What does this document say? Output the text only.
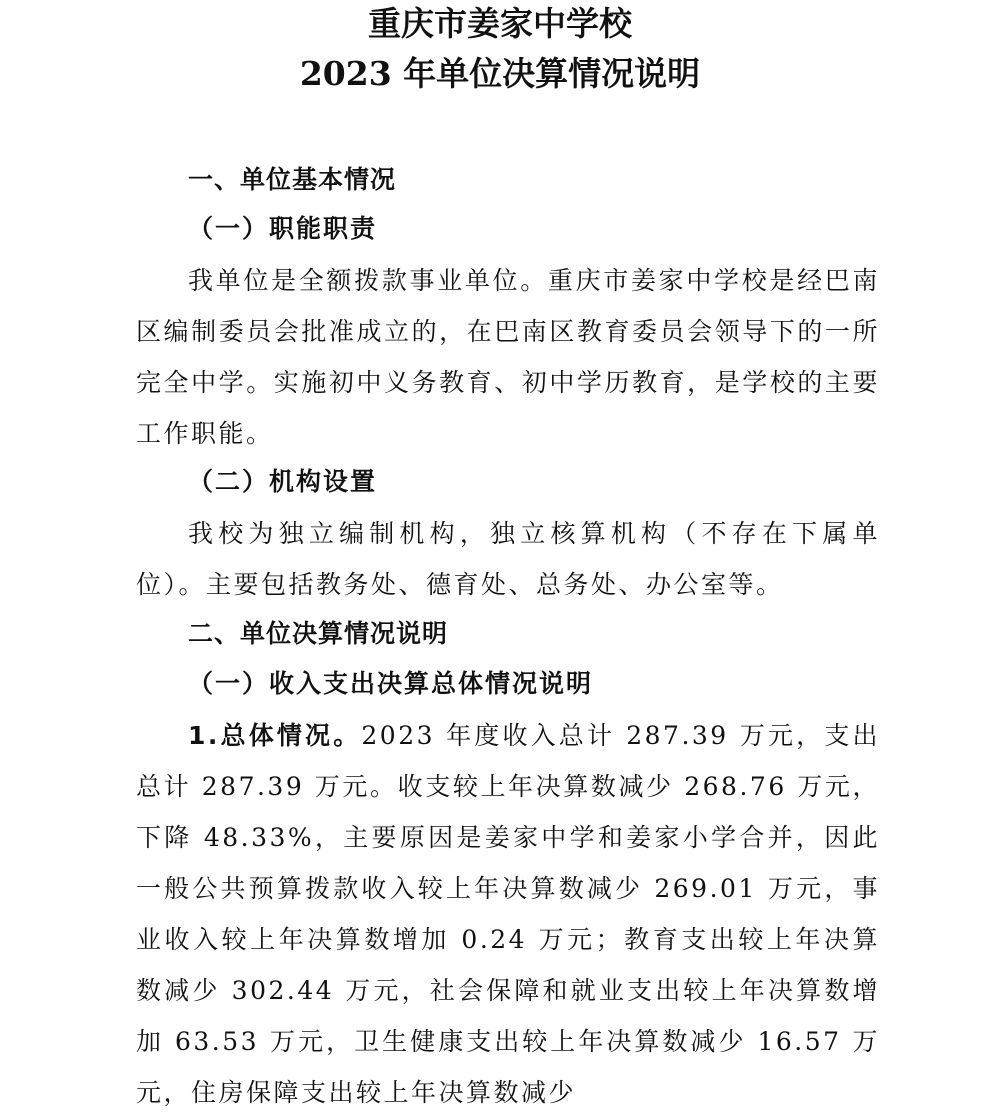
重庆市姜家中学校
2023 年单位决算情况说明
一、单位基本情况
（一）职能职责

我单位是全额拨款事业单位。重庆市姜家中学校是经巴南区编制委员会批准成立的，在巴南区教育委员会领导下的一所完全中学。实施初中义务教育、初中学历教育，是学校的主要工作职能。

（二）机构设置

我校为独立编制机构，独立核算机构（不存在下属单位）。主要包括教务处、德育处、总务处、办公室等。

二、单位决算情况说明
（一）收入支出决算总体情况说明

1.总体情况。2023 年度收入总计 287.39 万元，支出总计 287.39 万元。收支较上年决算数减少 268.76 万元，下降 48.33%，主要原因是姜家中学和姜家小学合并，因此一般公共预算拨款收入较上年决算数减少 269.01 万元，事业收入较上年决算数增加 0.24 万元；教育支出较上年决算数减少 302.44 万元，社会保障和就业支出较上年决算数增加 63.53 万元，卫生健康支出较上年决算数减少 16.57 万元，住房保障支出较上年决算数减少
